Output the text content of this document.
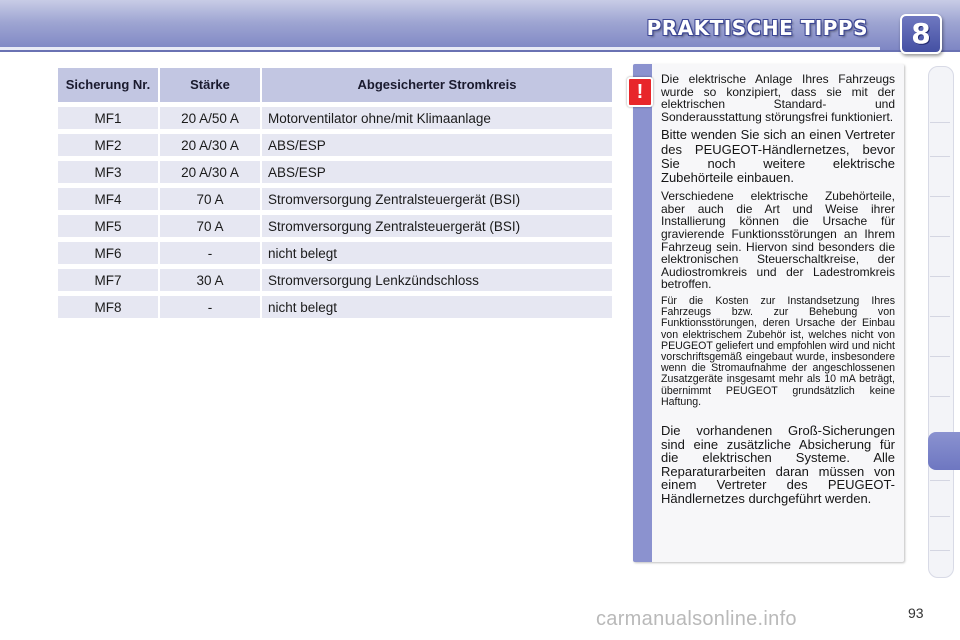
PRAKTISCHE TIPPS	8
Sicherung Nr.	Stärke	Abgesicherter Stromkreis
MF1	20 A/50 A	Motorventilator ohne/mit Klimaanlage
MF2	20 A/30 A	ABS/ESP
MF3	20 A/30 A	ABS/ESP
MF4	70 A	Stromversorgung Zentralsteuergerät (BSI)
MF5	70 A	Stromversorgung Zentralsteuergerät (BSI)
MF6	-	nicht belegt
MF7	30 A	Stromversorgung Lenkzündschloss
MF8	-	nicht belegt
!

Die elektrische Anlage Ihres Fahrzeugs wurde so konzipiert, dass sie mit der elektrischen Standard- und Sonderausstattung störungsfrei funktioniert.

Bitte wenden Sie sich an einen Vertreter des PEUGEOT-Händlernetzes, bevor Sie noch weitere elektrische Zubehörteile einbauen.

Verschiedene elektrische Zubehörteile, aber auch die Art und Weise ihrer Installierung können die Ursache für gravierende Funktionsstörungen an Ihrem Fahrzeug sein. Hiervon sind besonders die elektronischen Steuerschaltkreise, der Audiostromkreis und der Ladestromkreis betroffen.

Für die Kosten zur Instandsetzung Ihres Fahrzeugs bzw. zur Behebung von Funktionsstörungen, deren Ursache der Einbau von elektrischem Zubehör ist, welches nicht von PEUGEOT geliefert und empfohlen wird und nicht vorschriftsgemäß eingebaut wurde, insbesondere wenn die Stromaufnahme der angeschlossenen Zusatzgeräte insgesamt mehr als 10 mA beträgt, übernimmt PEUGEOT grundsätzlich keine Haftung.

Die vorhandenen Groß-Sicherungen sind eine zusätzliche Absicherung für die elektrischen Systeme. Alle Reparaturarbeiten daran müssen von einem Vertreter des PEUGEOT-Händlernetzes durchgeführt werden.

carmanualsonline.info	93
